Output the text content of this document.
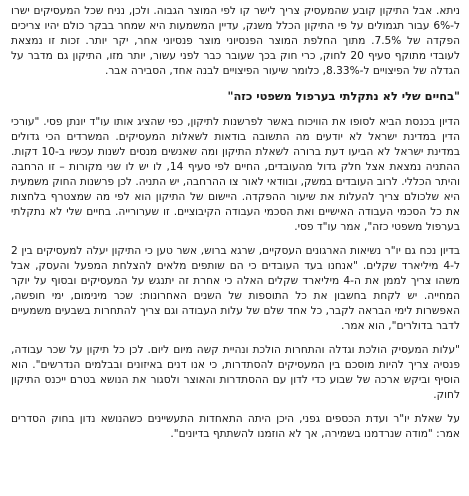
ניתא. אבל התיקון קובע שהמעסיק צריך לישר קו לפי המוצר הגבוה. ולכן, נניח שכל המעסיקים ישרו ל-6% עבור תגמולים על פי התיקון הכלל משנק, עדיין המשמעות היא שמחר בבקר כולם יהיו צריכים הפקדה של 7.5%. מתוך החלפת המוצר הפנסיוני מוצר פנסיוני אחר, יקר יותר. זכות זו נמצאת לעובדי מתוקף סעיף 20 לחוק, כרי חוק בכך שעובר כבר לפני עשור, יותר מזו, התיקון גם מדבר על הגדלה של הפיצויים ל-8.33%, כלומר שיעור הפיצויים לבנה אחד, הסבירה אבר.

"בחיים שלי לא נתקלתי בערפול משפטי כזה"

הדיון בכנסת הביא לסופו את הוויכוח באשר לפרשנות לתיקון, כפי שהציג אותו עו"ד יונתן פסי. "עורכי הדין במדינת ישראל לא יודעים מה התשובה בודאות לשאלות המעסיקים. המשרדים הכי גדולים במדינת ישראל לא הביעו דעת ברורה לשאלת התיקון ומה שאנשים מנסים לשנות עכשיו ב-10 דקות. ההתניה נמצאת אצל חלק גדול מהעובדים, החיים לפי סעיף 14, לו יש לו שני מקורות – זו הרחבה והיתר הכללי. לרוב העובדים במשק, ובוודאי לאור צו ההרחבה, יש התניה. לכן פרשנות החוק משמעית היא שלכולם צריך להעלות את שיעור ההפקדה. היישום של התיקון הוא לפי מה שמצטרף בלחצות את כל הסכמי העבודה האישיים ואת הסכמי העבודה הקיבוציים. זו שערורייה. בחיים שלי לא נתקלתי בערפול משפטי כזה", אמר עו"ד פסי.

בדיון נכח גם יו"ר נשיאות הארגונים העסקיים, שרגא ברוש, אשר טען כי התיקון יעלה למעסיקים בין 2 ל-4 מיליארד שקלים. "אנחנו בעד העובדים כי הם שותפים מלאים להצלחת המפעל והעסק, אבל משהו צריך לממן את ה-4 מיליארד שקלים האלה כי אחרת זה יתנגש על המעסיקים ובסוף על יוקר המחייה. יש לקחת בחשבון את כל התוספות של השנים האחרונות: שכר מינימום, ימי חופשה, האפשרות לימי הבראה לקבר, כל אחד שלם של עלות העבודה וגם צריך להתחרות בשבעים משמעיים לדבר בדולרים", הוא אמר.

"עלות המעסיק הולכת וגדלה והתחרות הולכת ונהיית קשה מיום ליום. לכן כל תיקון על שכר עבודה, פנסיה צריך להיות מוסכם בין המעסיקים להסתדרות, כי אנו דנים באיזונים ובבלמים הנדרשים". הוא הוסיף וביקש ארכה של שבוע כדי לדון עם ההסתדרות והאוצר ולסגור את הנושא בטרם ייכנס התיקון לחוק.

על שאלת יו"ר ועדת הכספים גפני, היכן היתה התאחדות התעשיינים כשהנושא נדון בחוק הסדרים אמר: "מודה שנרדמנו בשמירה, אך לא הוזמנו להשתתף בדיונים".
